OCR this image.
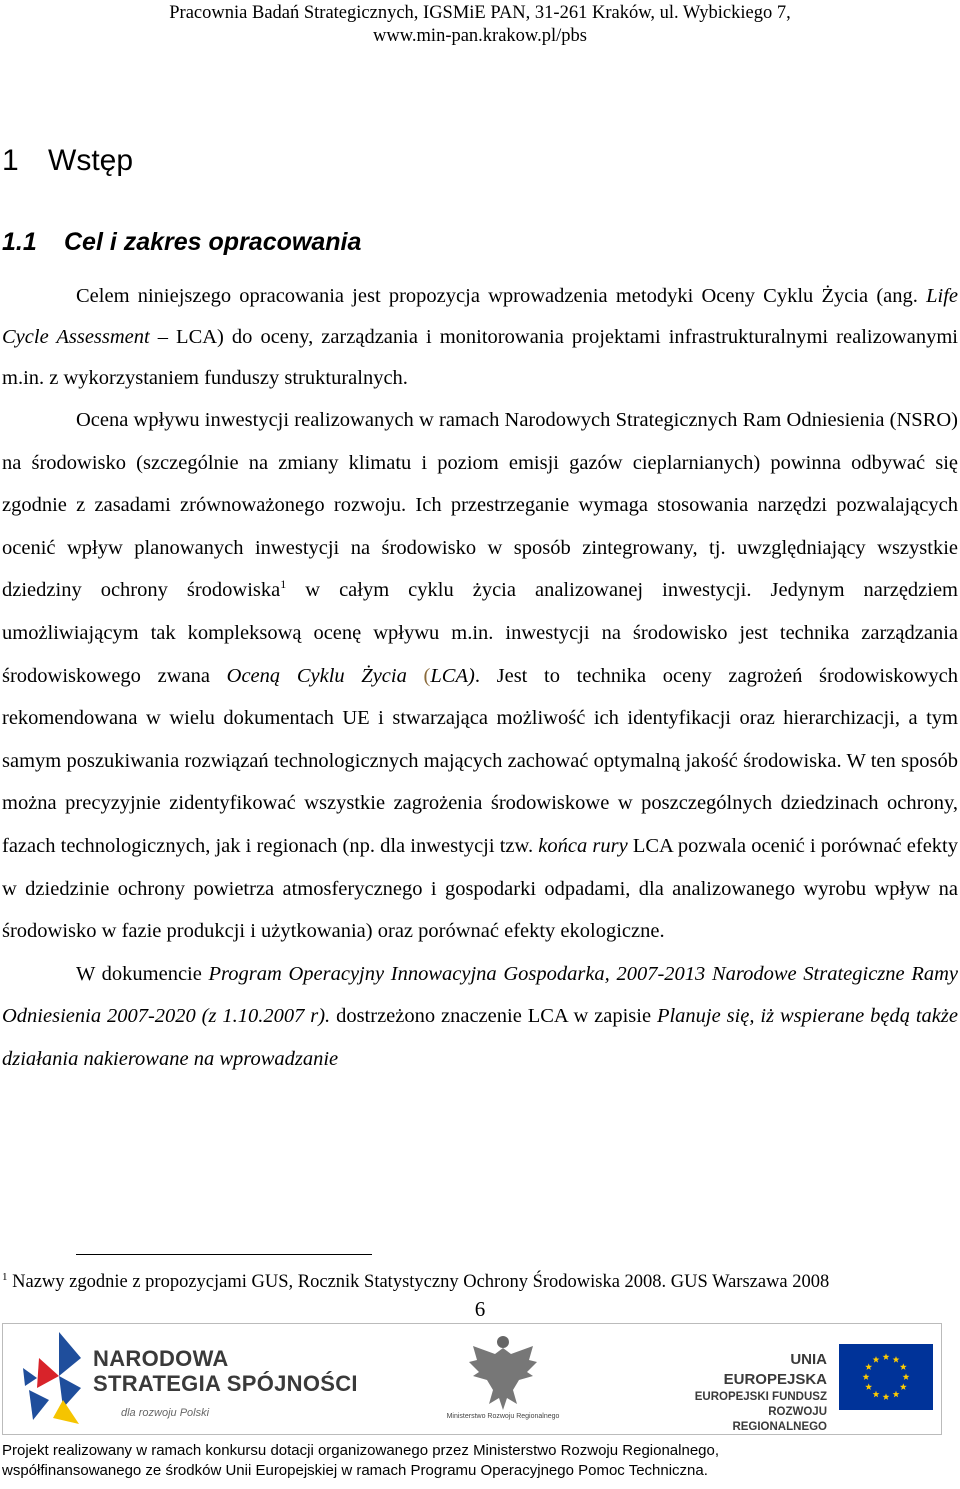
Pracownia Badań Strategicznych, IGSMiE PAN, 31-261 Kraków, ul. Wybickiego 7,
www.min-pan.krakow.pl/pbs
1 Wstęp
1.1 Cel i zakres opracowania

Celem niniejszego opracowania jest propozycja wprowadzenia metodyki Oceny Cyklu Życia (ang. Life Cycle Assessment – LCA) do oceny, zarządzania i monitorowania projektami infrastrukturalnymi realizowanymi m.in. z wykorzystaniem funduszy strukturalnych.

Ocena wpływu inwestycji realizowanych w ramach Narodowych Strategicznych Ram Odniesienia (NSRO) na środowisko (szczególnie na zmiany klimatu i poziom emisji gazów cieplarnianych) powinna odbywać się zgodnie z zasadami zrównoważonego rozwoju. Ich przestrzeganie wymaga stosowania narzędzi pozwalających ocenić wpływ planowanych inwestycji na środowisko w sposób zintegrowany, tj. uwzględniający wszystkie dziedziny ochrony środowiska$^1$ w całym cyklu życia analizowanej inwestycji. Jedynym narzędziem umożliwiającym tak kompleksową ocenę wpływu m.in. inwestycji na środowisko jest technika zarządzania środowiskowego zwana Oceną Cyklu Życia (LCA). Jest to technika oceny zagrożeń środowiskowych rekomendowana w wielu dokumentach UE i stwarzająca możliwość ich identyfikacji oraz hierarchizacji, a tym samym poszukiwania rozwiązań technologicznych mających zachować optymalną jakość środowiska. W ten sposób można precyzyjnie zidentyfikować wszystkie zagrożenia środowiskowe w poszczególnych dziedzinach ochrony, fazach technologicznych, jak i regionach (np. dla inwestycji tzw. końca rury LCA pozwala ocenić i porównać efekty w dziedzinie ochrony powietrza atmosferycznego i gospodarki odpadami, dla analizowanego wyrobu wpływ na środowisko w fazie produkcji i użytkowania) oraz porównać efekty ekologiczne.

W dokumencie Program Operacyjny Innowacyjna Gospodarka, 2007-2013 Narodowe Strategiczne Ramy Odniesienia 2007-2020 (z 1.10.2007 r). dostrzeżono znaczenie LCA w zapisie Planuje się, iż wspierane będą także działania nakierowane na wprowadzanie

$^1$ Nazwy zgodnie z propozycjami GUS, Rocznik Statystyczny Ochrony Środowiska 2008. GUS Warszawa 2008
6
NARODOWA
STRATEGIA SPÓJNOŚCI
dla rozwoju Polski	Ministerstwo Rozwoju Regionalnego
UNIA EUROPEJSKA
EUROPEJSKI FUNDUSZ
ROZWOJU REGIONALNEGO
Projekt realizowany w ramach konkursu dotacji organizowanego przez Ministerstwo Rozwoju Regionalnego,
współfinansowanego ze środków Unii Europejskiej w ramach Programu Operacyjnego Pomoc Techniczna.
